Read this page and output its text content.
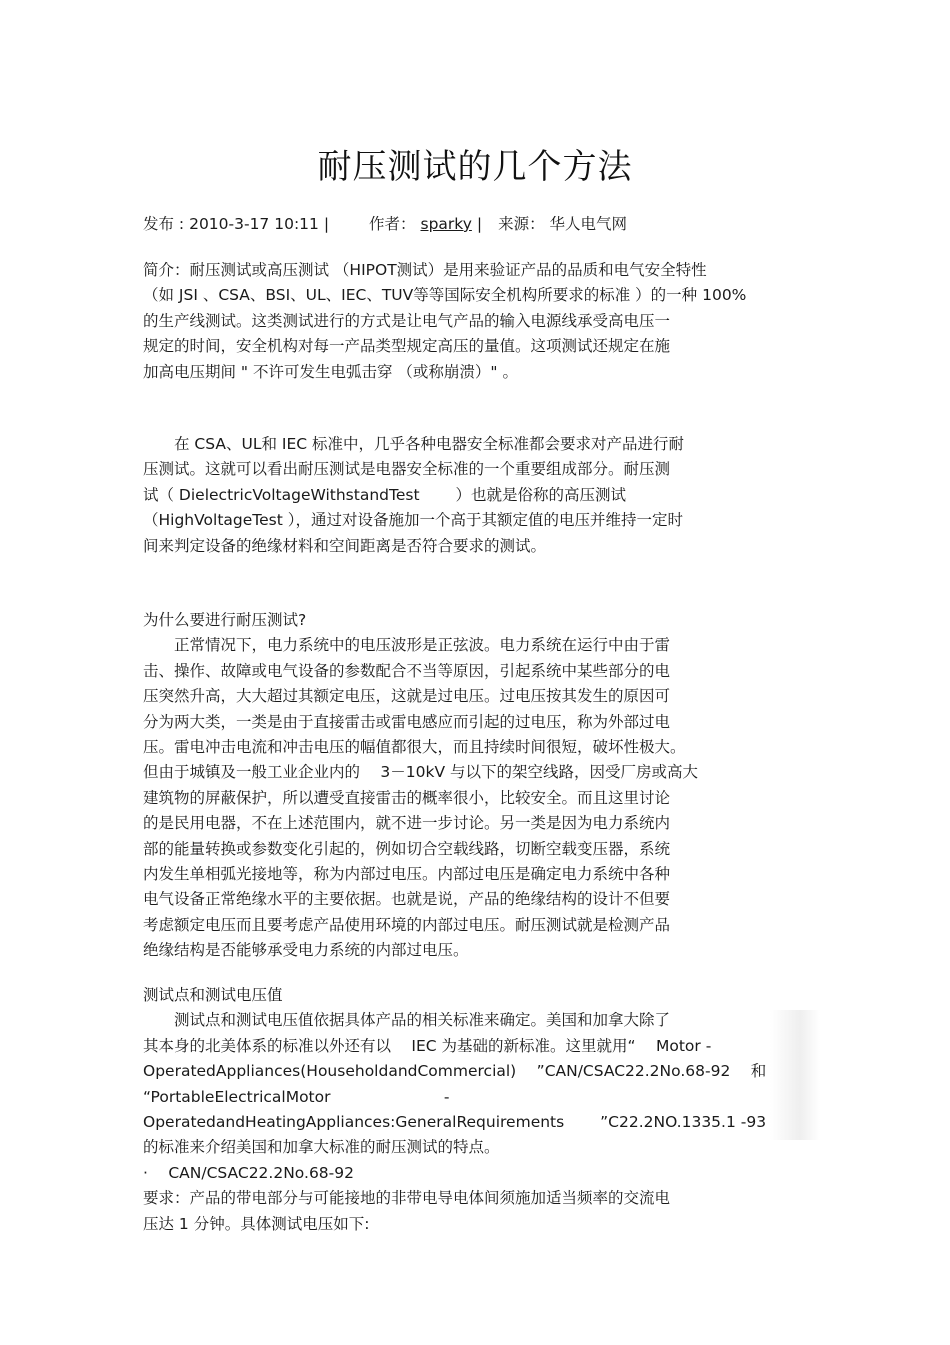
耐压测试的几个方法
发布 : 2010-3-17 10:11 |	作者： sparky | 来源： 华人电气网
简介：耐压测试或高压测试 （HIPOT测试）是用来验证产品的品质和电气安全特性
（如 JSI 、CSA、BSI、UL、IEC、TUV等等国际安全机构所要求的标准 ）的一种 100%
的生产线测试。这类测试进行的方式是让电气产品的输入电源线承受高电压一
规定的时间，安全机构对每一产品类型规定高压的量值。这项测试还规定在施
加高电压期间 " 不许可发生电弧击穿 （或称崩溃）" 。
　　在 CSA、UL和 IEC 标准中，几乎各种电器安全标准都会要求对产品进行耐
压测试。这就可以看出耐压测试是电器安全标准的一个重要组成部分。耐压测
试（ DielectricVoltageWithstandTest 　　）也就是俗称的高压测试
（HighVoltageTest ），通过对设备施加一个高于其额定值的电压并维持一定时
间来判定设备的绝缘材料和空间距离是否符合要求的测试。
为什么要进行耐压测试?
　　正常情况下，电力系统中的电压波形是正弦波。电力系统在运行中由于雷
击、操作、故障或电气设备的参数配合不当等原因，引起系统中某些部分的电
压突然升高，大大超过其额定电压，这就是过电压。过电压按其发生的原因可
分为两大类，一类是由于直接雷击或雷电感应而引起的过电压，称为外部过电
压。雷电冲击电流和冲击电压的幅值都很大，而且持续时间很短，破坏性极大。
但由于城镇及一般工业企业内的 　3－10kV 与以下的架空线路，因受厂房或高大
建筑物的屏蔽保护，所以遭受直接雷击的概率很小，比较安全。而且这里讨论
的是民用电器，不在上述范围内，就不进一步讨论。另一类是因为电力系统内
部的能量转换或参数变化引起的，例如切合空载线路，切断空载变压器，系统
内发生单相弧光接地等，称为内部过电压。内部过电压是确定电力系统中各种
电气设备正常绝缘水平的主要依据。也就是说，产品的绝缘结构的设计不但要
考虑额定电压而且要考虑产品使用环境的内部过电压。耐压测试就是检测产品
绝缘结构是否能够承受电力系统的内部过电压。
测试点和测试电压值
　　测试点和测试电压值依据具体产品的相关标准来确定。美国和加拿大除了
其本身的北美体系的标准以外还有以 　IEC 为基础的新标准。这里就用“ 　Motor -
OperatedAppliances(HouseholdandCommercial) 　”CAN/CSAC22.2No.68-92 　和
“PortableElectricalMotor 　　　　　　　-
OperatedandHeatingAppliances:GeneralRequirements 　　”C22.2NO.1335.1 -93
的标准来介绍美国和加拿大标准的耐压测试的特点。
· 　CAN/CSAC22.2No.68-92
要求：产品的带电部分与可能接地的非带电导电体间须施加适当频率的交流电
压达 1 分钟。具体测试电压如下:
